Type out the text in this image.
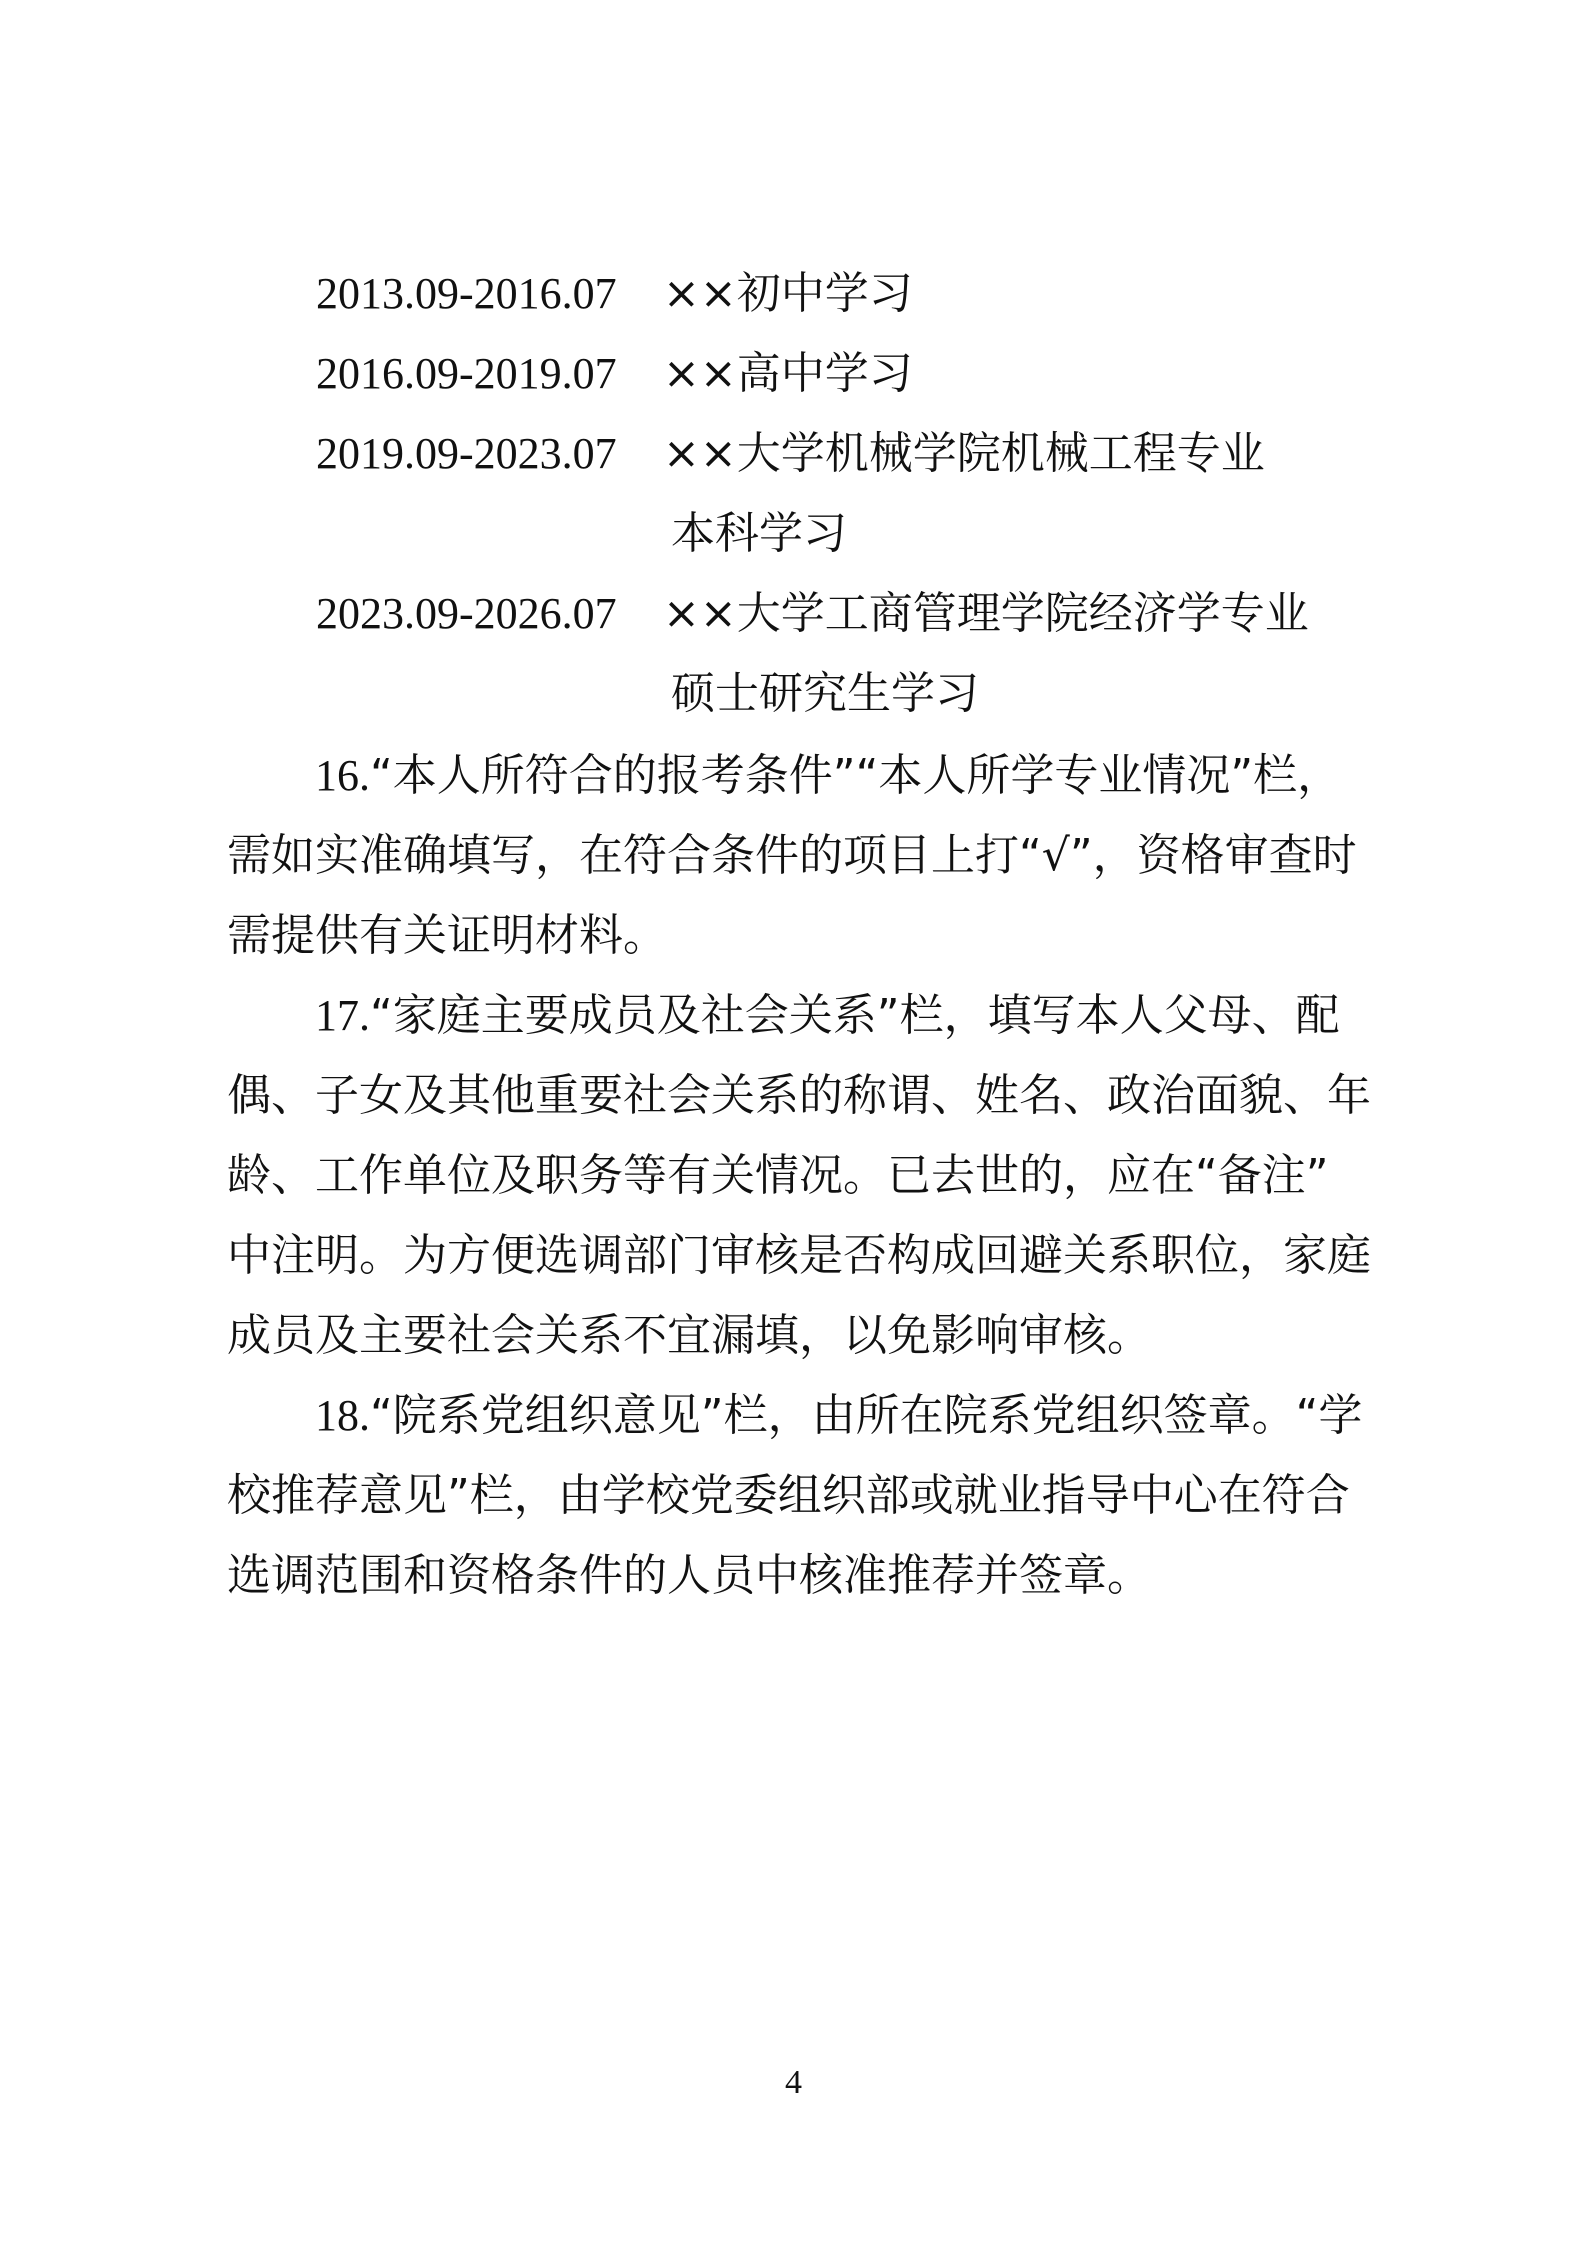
2013.09-2016.07 ××初中学习
2016.09-2019.07 ××高中学习
2019.09-2023.07 ××大学机械学院机械工程专业
本科学习
2023.09-2026.07 ××大学工商管理学院经济学专业
硕士研究生学习
16.“本人所符合的报考条件”“本人所学专业情况”栏，
需如实准确填写，在符合条件的项目上打“√”，资格审查时
需提供有关证明材料。
17.“家庭主要成员及社会关系”栏，填写本人父母、配
偶、子女及其他重要社会关系的称谓、姓名、政治面貌、年
龄、工作单位及职务等有关情况。已去世的，应在“备注”
中注明。为方便选调部门审核是否构成回避关系职位，家庭
成员及主要社会关系不宜漏填，以免影响审核。
18.“院系党组织意见”栏，由所在院系党组织签章。“学
校推荐意见”栏，由学校党委组织部或就业指导中心在符合
选调范围和资格条件的人员中核准推荐并签章。
4
